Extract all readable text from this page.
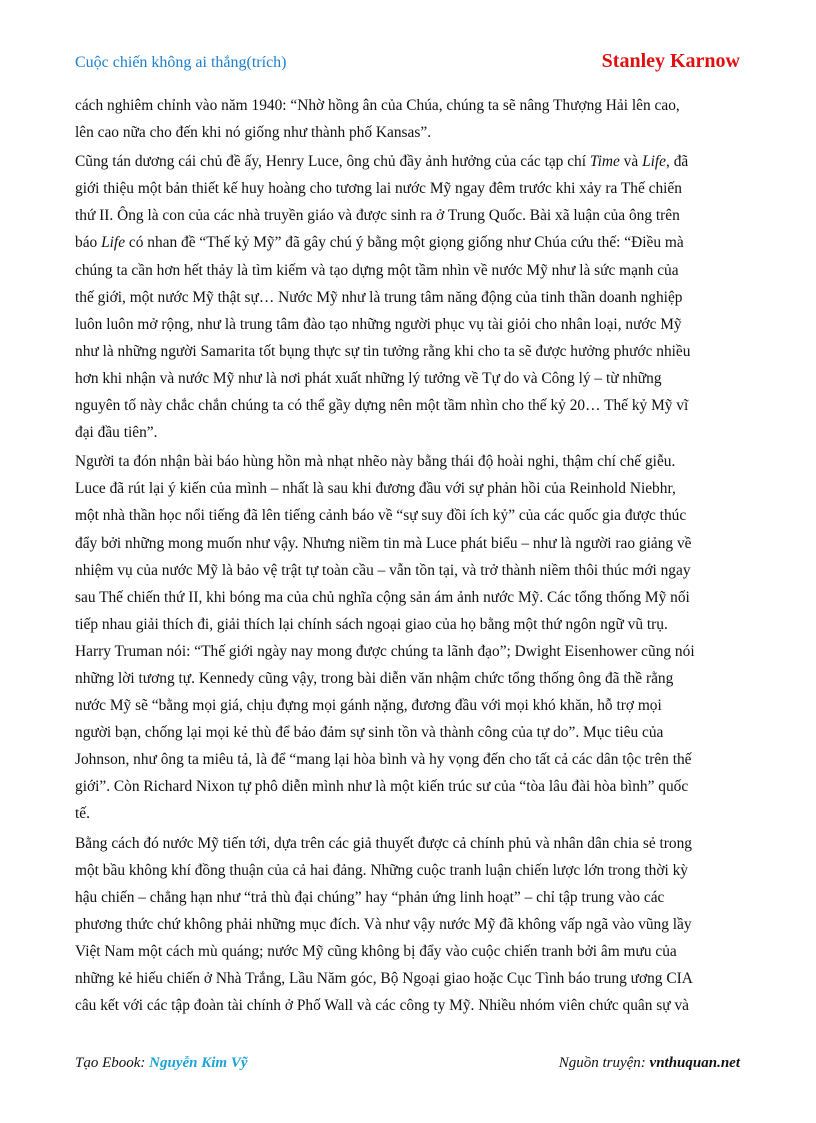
Cuộc chiến không ai thắng(trích)	Stanley Karnow

cách nghiêm chỉnh vào năm 1940: “Nhờ hồng ân của Chúa, chúng ta sẽ nâng Thượng Hải lên cao,
lên cao nữa cho đến khi nó giống như thành phố Kansas”.

Cũng tán dương cái chủ đề ấy, Henry Luce, ông chủ đầy ảnh hưởng của các tạp chí Time và Life, đã
giới thiệu một bản thiết kế huy hoàng cho tương lai nước Mỹ ngay đêm trước khi xảy ra Thế chiến
thứ II. Ông là con của các nhà truyền giáo và được sinh ra ở Trung Quốc. Bài xã luận của ông trên
báo Life có nhan đề “Thế kỷ Mỹ” đã gây chú ý bằng một giọng giống như Chúa cứu thế: “Điều mà
chúng ta cần hơn hết thảy là tìm kiếm và tạo dựng một tầm nhìn về nước Mỹ như là sức mạnh của
thế giới, một nước Mỹ thật sự… Nước Mỹ như là trung tâm năng động của tinh thần doanh nghiệp
luôn luôn mở rộng, như là trung tâm đào tạo những người phục vụ tài giỏi cho nhân loại, nước Mỹ
như là những người Samarita tốt bụng thực sự tin tưởng rằng khi cho ta sẽ được hưởng phước nhiều
hơn khi nhận và nước Mỹ như là nơi phát xuất những lý tưởng về Tự do và Công lý – từ những
nguyên tố này chắc chắn chúng ta có thể gầy dựng nên một tầm nhìn cho thế kỷ 20… Thế kỷ Mỹ vĩ
đại đầu tiên”.

Người ta đón nhận bài báo hùng hồn mà nhạt nhẽo này bằng thái độ hoài nghi, thậm chí chế giễu.
Luce đã rút lại ý kiến của mình – nhất là sau khi đương đầu với sự phản hồi của Reinhold Niebhr,
một nhà thần học nổi tiếng đã lên tiếng cảnh báo về “sự suy đồi ích kỷ” của các quốc gia được thúc
đẩy bởi những mong muốn như vậy. Nhưng niềm tin mà Luce phát biểu – như là người rao giảng về
nhiệm vụ của nước Mỹ là bảo vệ trật tự toàn cầu – vẫn tồn tại, và trở thành niềm thôi thúc mới ngay
sau Thế chiến thứ II, khi bóng ma của chủ nghĩa cộng sản ám ảnh nước Mỹ. Các tổng thống Mỹ nối
tiếp nhau giải thích đi, giải thích lại chính sách ngoại giao của họ bằng một thứ ngôn ngữ vũ trụ.
Harry Truman nói: “Thế giới ngày nay mong được chúng ta lãnh đạo”; Dwight Eisenhower cũng nói
những lời tương tự. Kennedy cũng vậy, trong bài diễn văn nhậm chức tổng thống ông đã thề rằng
nước Mỹ sẽ “bằng mọi giá, chịu đựng mọi gánh nặng, đương đầu với mọi khó khăn, hỗ trợ mọi
người bạn, chống lại mọi kẻ thù để bảo đảm sự sinh tồn và thành công của tự do”. Mục tiêu của
Johnson, như ông ta miêu tả, là để “mang lại hòa bình và hy vọng đến cho tất cả các dân tộc trên thế
giới”. Còn Richard Nixon tự phô diễn mình như là một kiến trúc sư của “tòa lâu đài hòa bình” quốc
tế.

Bằng cách đó nước Mỹ tiến tới, dựa trên các giả thuyết được cả chính phủ và nhân dân chia sẻ trong
một bầu không khí đồng thuận của cả hai đảng. Những cuộc tranh luận chiến lược lớn trong thời kỳ
hậu chiến – chẳng hạn như “trả thù đại chúng” hay “phản ứng linh hoạt” – chỉ tập trung vào các
phương thức chứ không phải những mục đích. Và như vậy nước Mỹ đã không vấp ngã vào vũng lầy
Việt Nam một cách mù quáng; nước Mỹ cũng không bị đẩy vào cuộc chiến tranh bởi âm mưu của
những kẻ hiếu chiến ở Nhà Trắng, Lầu Năm góc, Bộ Ngoại giao hoặc Cục Tình báo trung ương CIA
câu kết với các tập đoàn tài chính ở Phố Wall và các công ty Mỹ. Nhiều nhóm viên chức quân sự và

Tạo Ebook: Nguyễn Kim Vỹ	Nguồn truyện: vnthuquan.net
